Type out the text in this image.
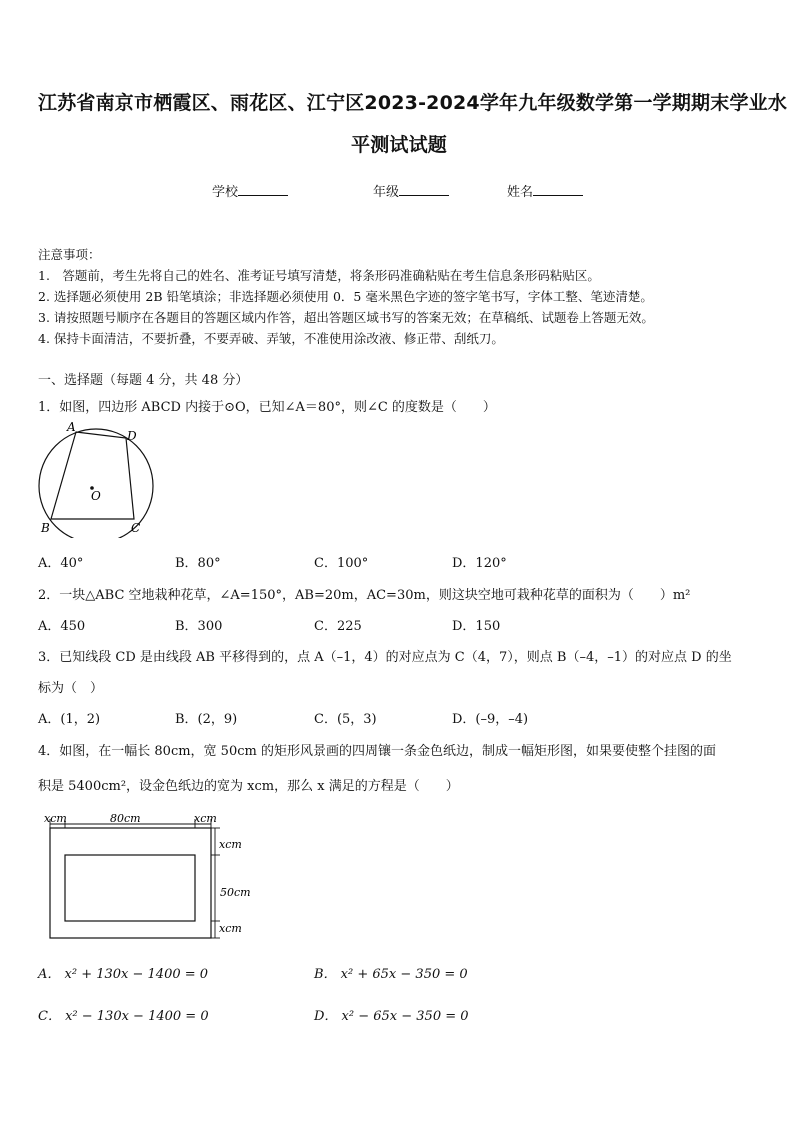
江苏省南京市栖霞区、雨花区、江宁区2023-2024学年九年级数学第一学期期末学业水
平测试试题
学校	年级	姓名
注意事项：
1.　答题前，考生先将自己的姓名、准考证号填写清楚，将条形码准确粘贴在考生信息条形码粘贴区。
2. 选择题必须使用 2B 铅笔填涂；非选择题必须使用 0．5 毫米黑色字迹的签字笔书写，字体工整、笔迹清楚。
3. 请按照题号顺序在各题目的答题区域内作答，超出答题区域书写的答案无效；在草稿纸、试题卷上答题无效。
4. 保持卡面清洁，不要折叠，不要弄破、弄皱，不准使用涂改液、修正带、刮纸刀。
一、选择题（每题 4 分，共 48 分）
1．如图，四边形 ABCD 内接于⊙O，已知∠A＝80°，则∠C 的度数是（　　）
A
D
O
B	C
A．40°	B．80°	C．100°	D．120°
2．一块△ABC 空地栽种花草，∠A=150°，AB=20m，AC=30m，则这块空地可栽种花草的面积为（　　）m²
A．450	B．300	C．225	D．150
3．已知线段 CD 是由线段 AB 平移得到的，点 A（–1，4）的对应点为 C（4，7），则点 B（–4，–1）的对应点 D 的坐
标为（　）
A．(1，2)	B．(2，9)	C．(5，3)	D．(–9，–4)
4．如图，在一幅长 80cm，宽 50cm 的矩形风景画的四周镶一条金色纸边，制成一幅矩形图，如果要使整个挂图的面
积是 5400cm²，设金色纸边的宽为 xcm，那么 x 满足的方程是（　　）
xcm	80cm	xcm
xcm
50cm
xcm
A． x² + 130x − 1400 = 0	B． x² + 65x − 350 = 0
C． x² − 130x − 1400 = 0	D． x² − 65x − 350 = 0
